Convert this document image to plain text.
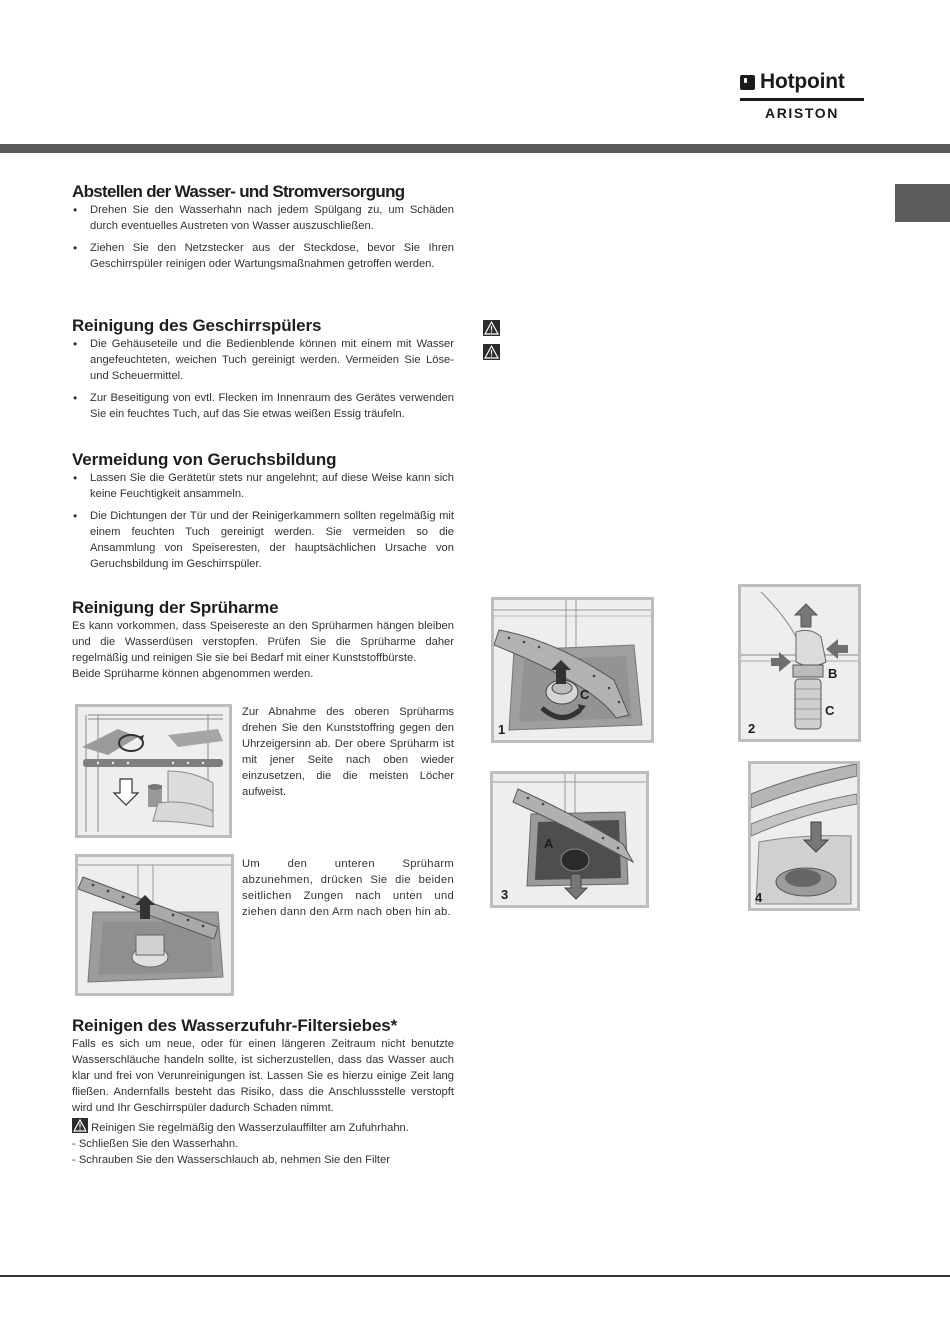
Hotpoint
ARISTON
Abstellen der Wasser- und Stromversorgung
• Drehen Sie den Wasserhahn nach jedem Spülgang zu, um Schäden durch eventuelles Austreten von Wasser auszuschließen.
• Ziehen Sie den Netzstecker aus der Steckdose, bevor Sie Ihren Geschirrspüler reinigen oder Wartungsmaßnahmen getroffen werden.
Reinigung des Geschirrspülers
• Die Gehäuseteile und die Bedienblende können mit einem mit Wasser angefeuchteten, weichen Tuch gereinigt werden. Vermeiden Sie Löse- und Scheuermittel.
• Zur Beseitigung von evtl. Flecken im Innenraum des Gerätes verwenden Sie ein feuchtes Tuch, auf das Sie etwas weißen Essig träufeln.
Vermeidung von Geruchsbildung
• Lassen Sie die Gerätetür stets nur angelehnt; auf diese Weise kann sich keine Feuchtigkeit ansammeln.
• Die Dichtungen der Tür und der Reinigerkammern sollten regelmäßig mit einem feuchten Tuch gereinigt werden. Sie vermeiden so die Ansammlung von Speiseresten, der hauptsächlichen Ursache von Geruchsbildung im Geschirrspüler.
Reinigung der Sprüharme

Es kann vorkommen, dass Speisereste an den Sprüharmen hängen bleiben und die Wasserdüsen verstopfen. Prüfen Sie die Sprüharme daher regelmäßig und reinigen Sie sie bei Bedarf mit einer Kunststoffbürste.

Beide Sprüharme können abgenommen werden.

Zur Abnahme des oberen Sprüharms drehen Sie den Kunststoffring gegen den Uhrzeigersinn ab. Der obere Sprüharm ist mit jener Seite nach oben wieder einzusetzen, die die meisten Löcher aufweist.
Um den unteren Sprüharm abzunehmen, drücken Sie die beiden seitlichen Zungen nach unten und ziehen dann den Arm nach oben hin ab.
Reinigen des Wasserzufuhr-Filtersiebes*

Falls es sich um neue, oder für einen längeren Zeitraum nicht benutzte Wasserschläuche handeln sollte, ist sicherzustellen, dass das Wasser auch klar und frei von Verunreinigungen ist. Lassen Sie es hierzu einige Zeit lang fließen. Andernfalls besteht das Risiko, dass die Anschlussstelle verstopft wird und Ihr Geschirrspüler dadurch Schaden nimmt.

Reinigen Sie regelmäßig den Wasserzulauffilter am Zufuhrhahn.

- Schließen Sie den Wasserhahn.

- Schrauben Sie den Wasserschlauch ab, nehmen Sie den Filter

1
C
2
B
C
3
A
4
